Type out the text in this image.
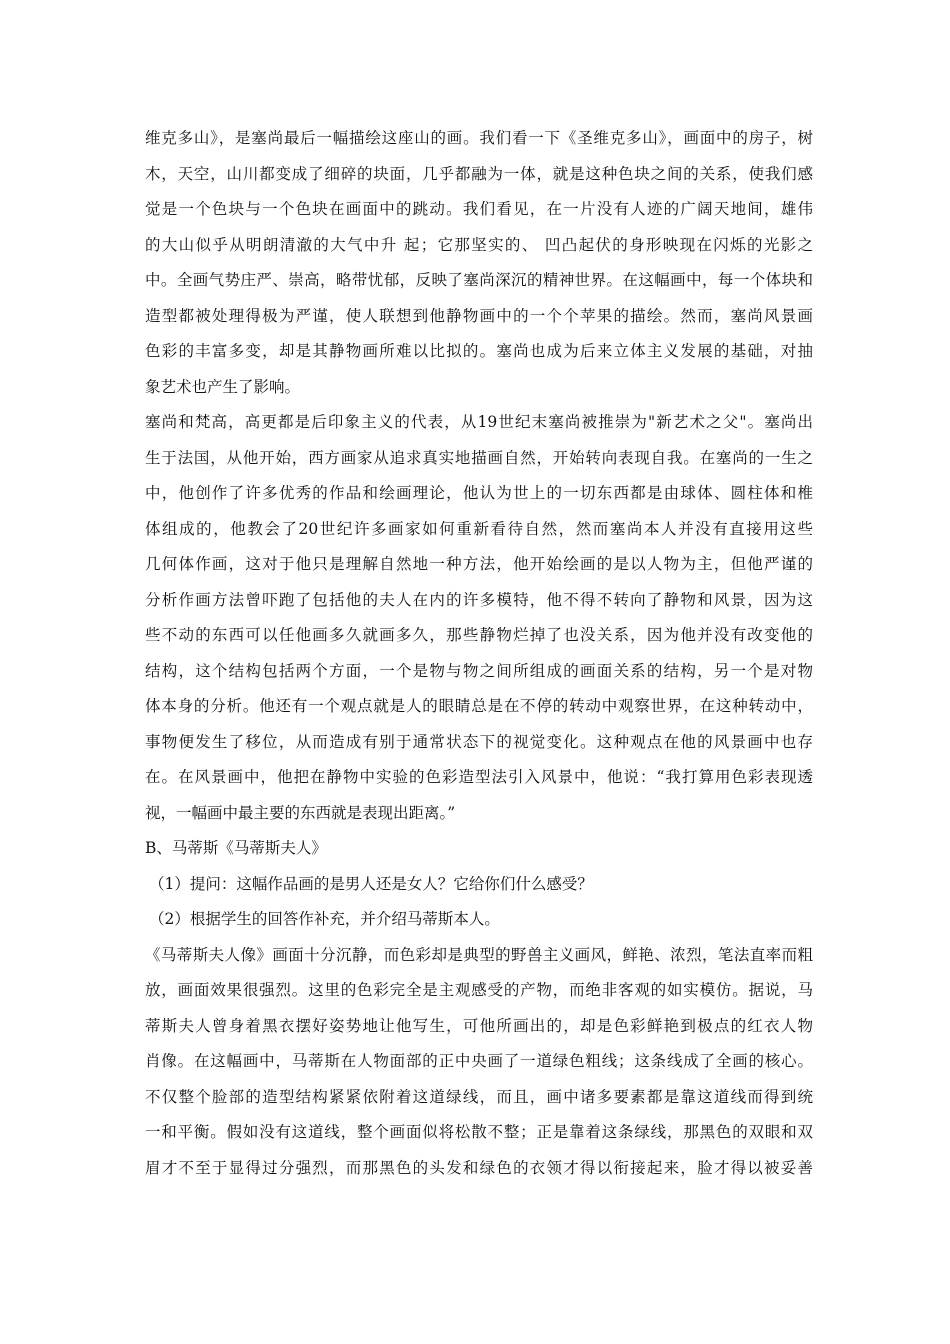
维克多山》，是塞尚最后一幅描绘这座山的画。我们看一下《圣维克多山》，画面中的房子，树
木，天空，山川都变成了细碎的块面，几乎都融为一体，就是这种色块之间的关系，使我们感
觉是一个色块与一个色块在画面中的跳动。我们看见，在一片没有人迹的广阔天地间，雄伟
的大山似乎从明朗清澈的大气中升 起；它那坚实的、 凹凸起伏的身形映现在闪烁的光影之
中。全画气势庄严、崇高，略带忧郁，反映了塞尚深沉的精神世界。在这幅画中，每一个体块和
造型都被处理得极为严谨，使人联想到他静物画中的一个个苹果的描绘。然而，塞尚风景画
色彩的丰富多变，却是其静物画所难以比拟的。塞尚也成为后来立体主义发展的基础，对抽
象艺术也产生了影响。
塞尚和梵高，高更都是后印象主义的代表，从19世纪末塞尚被推崇为"新艺术之父"。塞尚出
生于法国，从他开始，西方画家从追求真实地描画自然，开始转向表现自我。在塞尚的一生之
中，他创作了许多优秀的作品和绘画理论，他认为世上的一切东西都是由球体、圆柱体和椎
体组成的，他教会了20世纪许多画家如何重新看待自然，然而塞尚本人并没有直接用这些
几何体作画，这对于他只是理解自然地一种方法，他开始绘画的是以人物为主，但他严谨的
分析作画方法曾吓跑了包括他的夫人在内的许多模特，他不得不转向了静物和风景，因为这
些不动的东西可以任他画多久就画多久，那些静物烂掉了也没关系，因为他并没有改变他的
结构，这个结构包括两个方面，一个是物与物之间所组成的画面关系的结构，另一个是对物
体本身的分析。他还有一个观点就是人的眼睛总是在不停的转动中观察世界，在这种转动中，
事物便发生了移位，从而造成有别于通常状态下的视觉变化。这种观点在他的风景画中也存
在。在风景画中，他把在静物中实验的色彩造型法引入风景中，他说：“我打算用色彩表现透
视，一幅画中最主要的东西就是表现出距离。”
B、马蒂斯《马蒂斯夫人》
（1）提问：这幅作品画的是男人还是女人？它给你们什么感受？
（2）根据学生的回答作补充，并介绍马蒂斯本人。
《马蒂斯夫人像》画面十分沉静，而色彩却是典型的野兽主义画风，鲜艳、浓烈，笔法直率而粗
放，画面效果很强烈。这里的色彩完全是主观感受的产物，而绝非客观的如实模仿。据说，马
蒂斯夫人曾身着黑衣摆好姿势地让他写生，可他所画出的，却是色彩鲜艳到极点的红衣人物
肖像。在这幅画中，马蒂斯在人物面部的正中央画了一道绿色粗线；这条线成了全画的核心。
不仅整个脸部的造型结构紧紧依附着这道绿线，而且，画中诸多要素都是靠这道线而得到统
一和平衡。假如没有这道线，整个画面似将松散不整；正是靠着这条绿线，那黑色的双眼和双
眉才不至于显得过分强烈，而那黑色的头发和绿色的衣领才得以衔接起来，脸才得以被妥善
